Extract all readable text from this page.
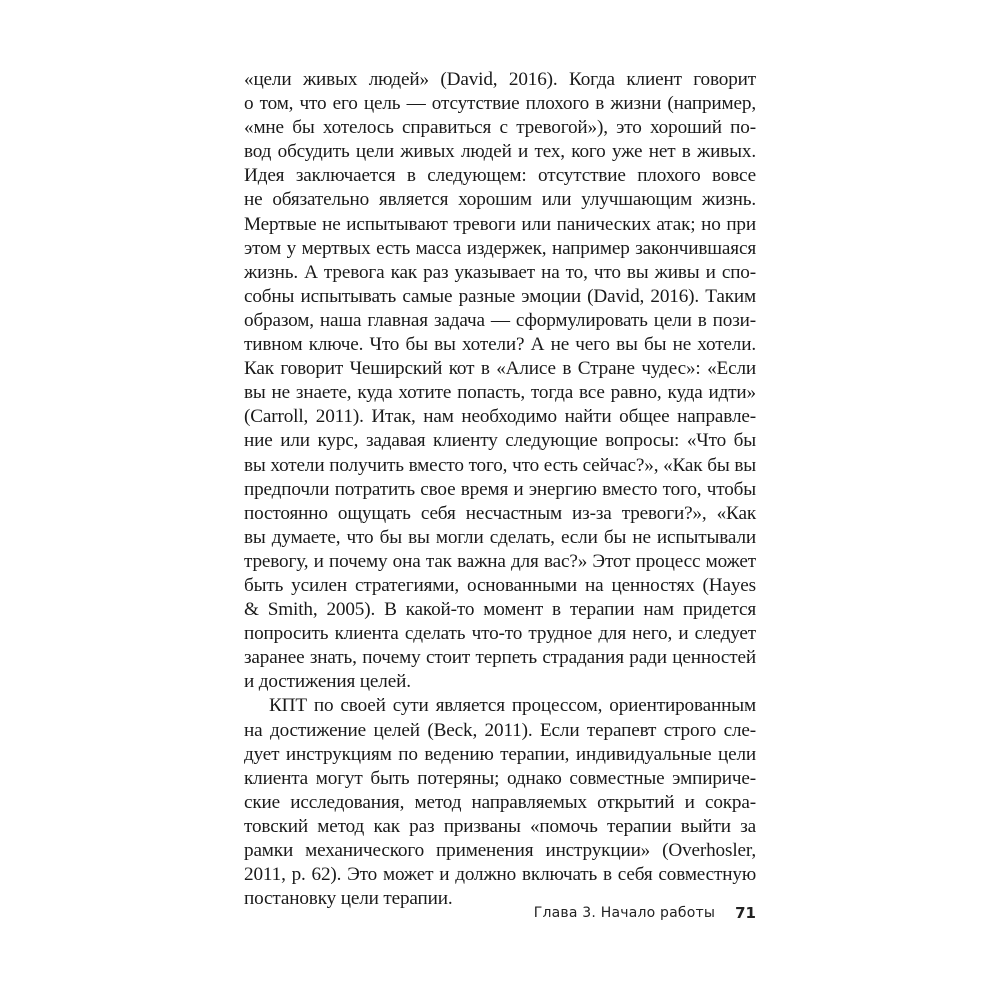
«цели живых людей» (David, 2016). Когда клиент говорит
о том, что его цель — отсутствие плохого в жизни (например,
«мне бы хотелось справиться с тревогой»), это хороший по-
вод обсудить цели живых людей и тех, кого уже нет в живых.
Идея заключается в следующем: отсутствие плохого вовсе
не обязательно является хорошим или улучшающим жизнь.
Мертвые не испытывают тревоги или панических атак; но при
этом у мертвых есть масса издержек, например закончившаяся
жизнь. А тревога как раз указывает на то, что вы живы и спо-
собны испытывать самые разные эмоции (David, 2016). Таким
образом, наша главная задача — сформулировать цели в пози-
тивном ключе. Что бы вы хотели? А не чего вы бы не хотели.
Как говорит Чеширский кот в «Алисе в Стране чудес»: «Если
вы не знаете, куда хотите попасть, тогда все равно, куда идти»
(Carroll, 2011). Итак, нам необходимо найти общее направле-
ние или курс, задавая клиенту следующие вопросы: «Что бы
вы хотели получить вместо того, что есть сейчас?», «Как бы вы
предпочли потратить свое время и энергию вместо того, чтобы
постоянно ощущать себя несчастным из-за тревоги?», «Как
вы думаете, что бы вы могли сделать, если бы не испытывали
тревогу, и почему она так важна для вас?» Этот процесс может
быть усилен стратегиями, основанными на ценностях (Hayes
& Smith, 2005). В какой-то момент в терапии нам придется
попросить клиента сделать что-то трудное для него, и следует
заранее знать, почему стоит терпеть страдания ради ценностей
и достижения целей.
КПТ по своей сути является процессом, ориентированным
на достижение целей (Beck, 2011). Если терапевт строго сле-
дует инструкциям по ведению терапии, индивидуальные цели
клиента могут быть потеряны; однако совместные эмпириче-
ские исследования, метод направляемых открытий и сокра-
товский метод как раз призваны «помочь терапии выйти за
рамки механического применения инструкции» (Overhosler,
2011, p. 62). Это может и должно включать в себя совместную
постановку цели терапии.
Глава 3. Начало работы 71
